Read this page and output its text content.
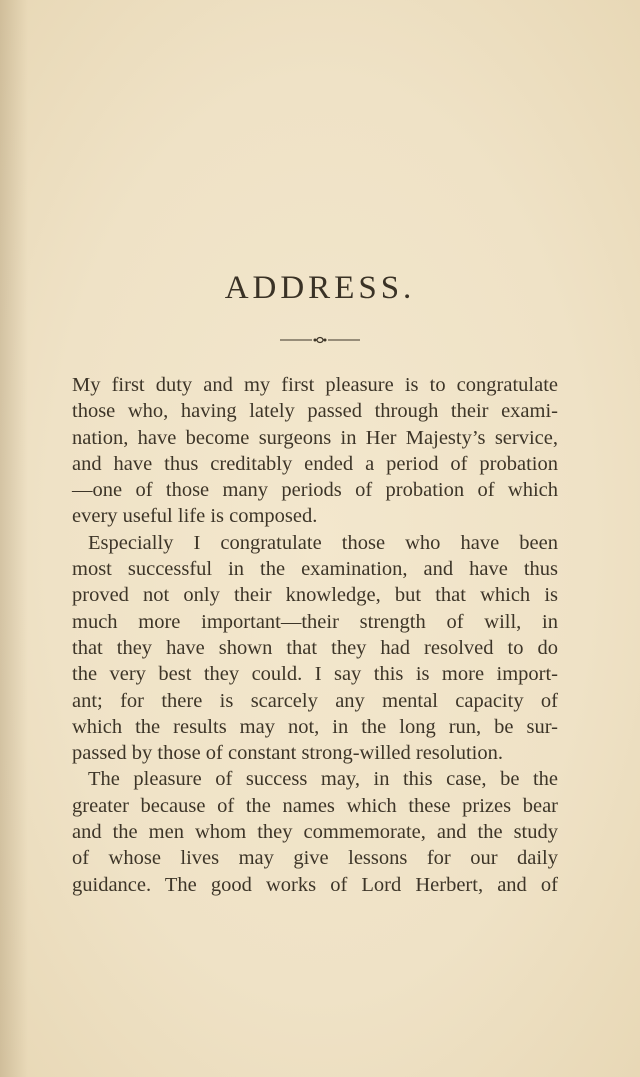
ADDRESS.
My first duty and my first pleasure is to congratulate
those who, having lately passed through their exami-
nation, have become surgeons in Her Majesty’s service,
and have thus creditably ended a period of probation
—one of those many periods of probation of which
every useful life is composed.
Especially I congratulate those who have been
most successful in the examination, and have thus
proved not only their knowledge, but that which is
much more important—their strength of will, in
that they have shown that they had resolved to do
the very best they could. I say this is more import-
ant; for there is scarcely any mental capacity of
which the results may not, in the long run, be sur-
passed by those of constant strong-willed resolution.
The pleasure of success may, in this case, be the
greater because of the names which these prizes bear
and the men whom they commemorate, and the study
of whose lives may give lessons for our daily
guidance. The good works of Lord Herbert, and of
